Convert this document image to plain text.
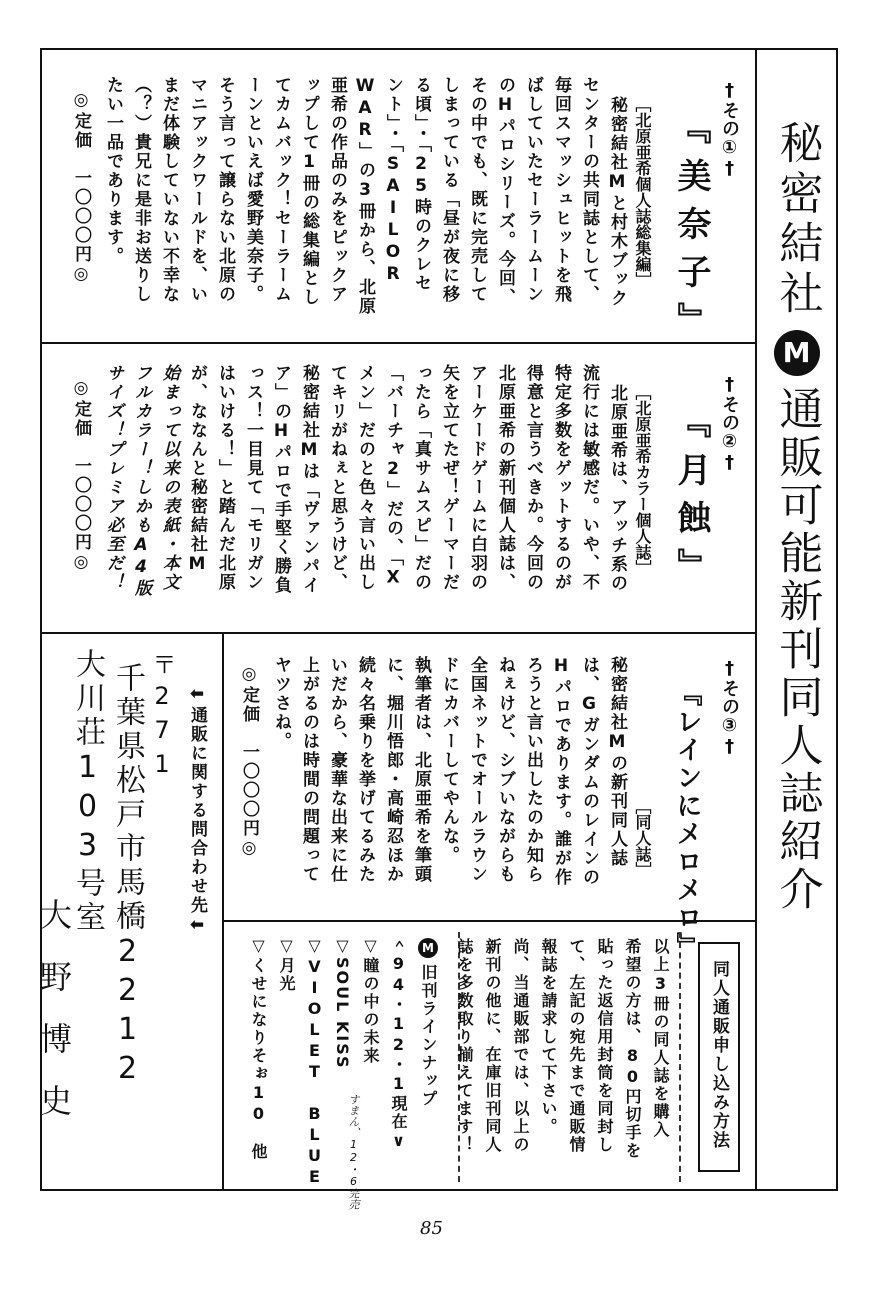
秘密結社
M
通販可能新刊同人誌紹介
†その①†
『美奈子』
［北原亜希個人誌総集編］
秘密結社Mと村木ブック
センターの共同誌として、
毎回スマッシュヒットを飛
ばしていたセーラームーン
のHパロシリーズ。今回、
その中でも、既に完売して
しまっている「昼が夜に移
る頃」・「25時のクレセ
ント」・「SAILOR
WAR」の3冊から、北原
亜希の作品のみをピックア
ップして1冊の総集編とし
てカムバック！セーラーム
ーンといえば愛野美奈子。
そう言って譲らない北原の
マニアックワールドを、い
まだ体験していない不幸な
（？）貴兄に是非お送りし
たい一品であります。
◎定価　一〇〇〇円◎
†その②†
『月蝕』
［北原亜希カラー個人誌］
北原亜希は、アッチ系の
流行には敏感だ。いや、不
特定多数をゲットするのが
得意と言うべきか。今回の
北原亜希の新刊個人誌は、
アーケードゲームに白羽の
矢を立てたぜ！ゲーマーだ
ったら「真サムスピ」だの
「バーチャ2」だの、「X
メン」だのと色々言い出し
てキリがねぇと思うけど、
秘密結社Mは「ヴァンパイ
ア」のHパロで手堅く勝負
っス！一目見て「モリガン
はいける！」と踏んだ北原
が、ななんと秘密結社M
始まって以来の表紙・本文
フルカラー！しかもA4版
サイズ！プレミア必至だ！
◎定価　一〇〇〇円◎
†その③†
『レインにメロメロ』
［同人誌］
秘密結社Mの新刊同人誌
は、Gガンダムのレインの
Hパロであります。誰が作
ろうと言い出したのか知ら
ねぇけど、シブいながらも
全国ネットでオールラウン
ドにカバーしてやんな。
執筆者は、北原亜希を筆頭
に、堀川悟郎・高崎忍ほか
続々名乗りを挙げてるみた
いだから、豪華な出来に仕
上がるのは時間の問題って
ヤツさね。
◎定価　一〇〇〇円◎
⬅通販に関する問合わせ先⬅
〒271
千葉県松戸市馬橋2212
大川荘103号室
大野博史	M
旧刊ラインナップ
＾94・12・1現在∨
▽瞳の中の未来
▽SOUL KISS
▽VIOLET BLUE
▽月光
▽くせになりそぉ10　他	すまん、12・6完売
同人通販申し込み方法
以上3冊の同人誌を購入
希望の方は、80円切手を
貼った返信用封筒を同封し
て、左記の宛先まで通販情
報誌を請求して下さい。
尚、当通販部では、以上の
新刊の他に、在庫旧刊同人
誌を多数取り揃えてます！
85
